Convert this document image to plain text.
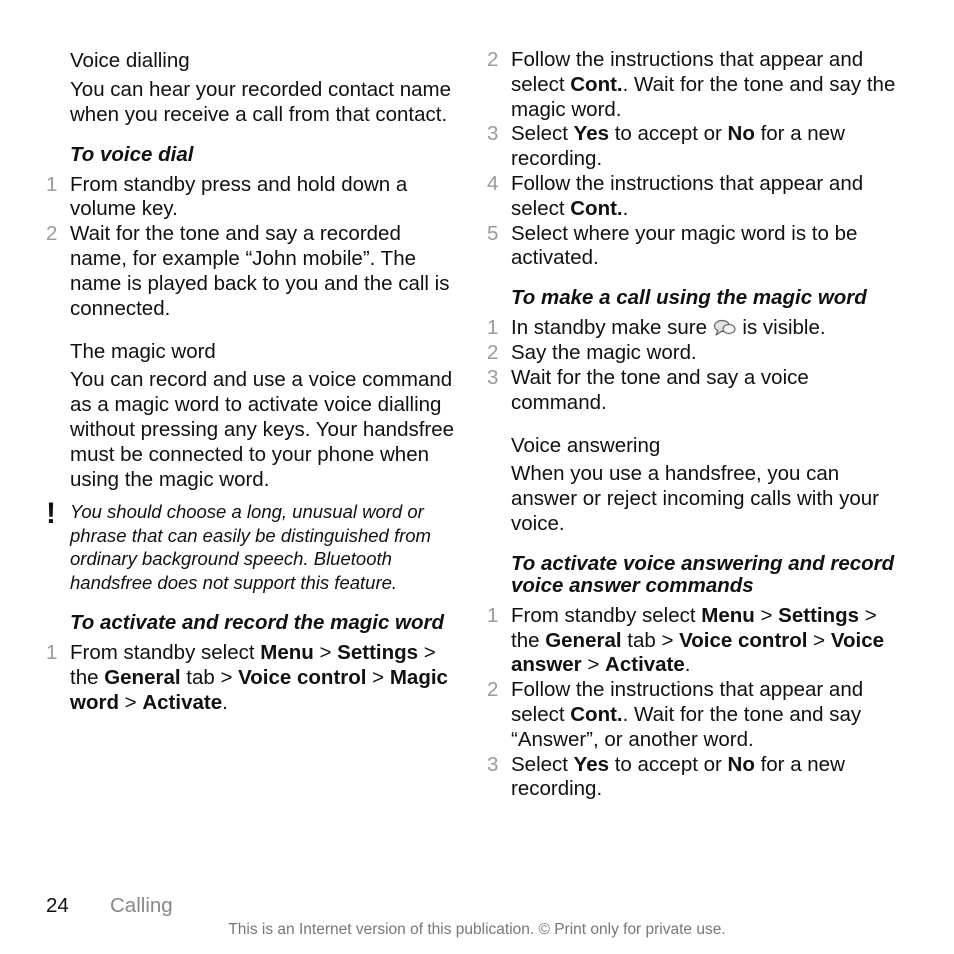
Voice dialling
You can hear your recorded contact name when you receive a call from that contact.
To voice dial
1 From standby press and hold down a volume key.
2 Wait for the tone and say a recorded name, for example “John mobile”. The name is played back to you and the call is connected.
The magic word
You can record and use a voice command as a magic word to activate voice dialling without pressing any keys. Your handsfree must be connected to your phone when using the magic word.
! You should choose a long, unusual word or phrase that can easily be distinguished from ordinary background speech. Bluetooth handsfree does not support this feature.
To activate and record the magic word
1 From standby select Menu > Settings > the General tab > Voice control > Magic word > Activate.
2 Follow the instructions that appear and select Cont.. Wait for the tone and say the magic word.
3 Select Yes to accept or No for a new recording.
4 Follow the instructions that appear and select Cont..
5 Select where your magic word is to be activated.
To make a call using the magic word
1 In standby make sure  is visible.
2 Say the magic word.
3 Wait for the tone and say a voice command.
Voice answering
When you use a handsfree, you can answer or reject incoming calls with your voice.
To activate voice answering and record voice answer commands
1 From standby select Menu > Settings > the General tab > Voice control > Voice answer > Activate.
2 Follow the instructions that appear and select Cont.. Wait for the tone and say “Answer”, or another word.
3 Select Yes to accept or No for a new recording.
24 Calling
This is an Internet version of this publication. © Print only for private use.
